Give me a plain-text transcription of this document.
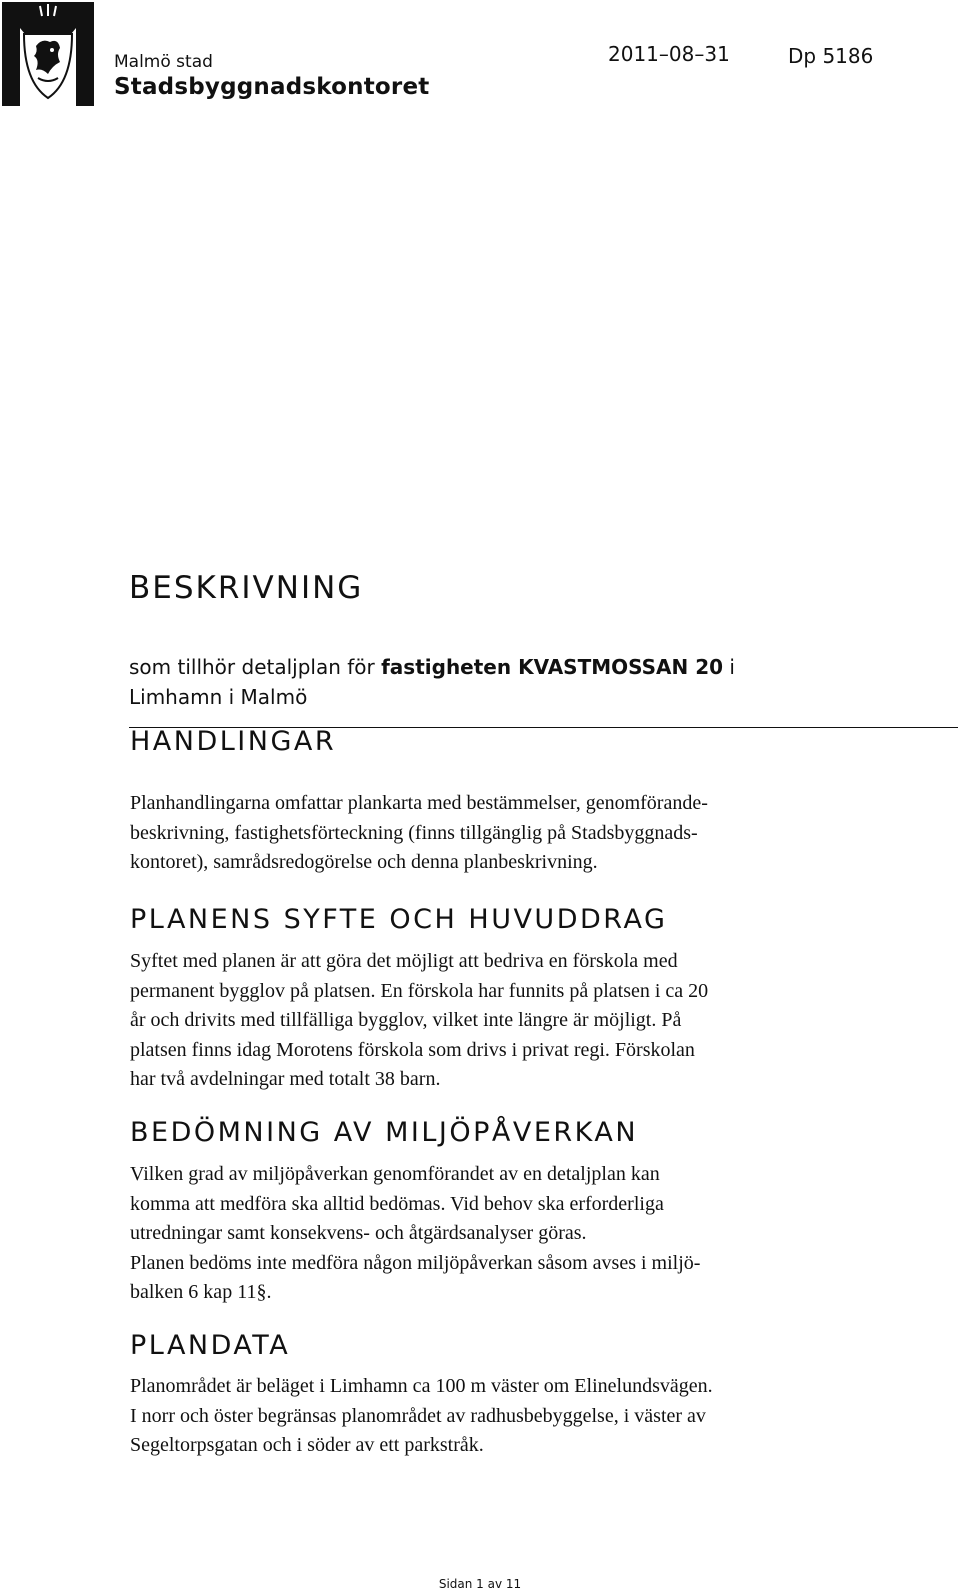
Malmö stad
Stadsbyggnadskontoret
2011–08–31	Dp 5186
BESKRIVNING
som tillhör detaljplan för fastigheten KVASTMOSSAN 20 i
Limhamn i Malmö
HANDLINGAR

Planhandlingarna omfattar plankarta med bestämmelser, genomförande-
beskrivning, fastighetsförteckning (finns tillgänglig på Stadsbyggnads-
kontoret), samrådsredogörelse och denna planbeskrivning.

PLANENS SYFTE OCH HUVUDDRAG

Syftet med planen är att göra det möjligt att bedriva en förskola med
permanent bygglov på platsen. En förskola har funnits på platsen i ca 20
år och drivits med tillfälliga bygglov, vilket inte längre är möjligt. På
platsen finns idag Morotens förskola som drivs i privat regi. Förskolan
har två avdelningar med totalt 38 barn.

BEDÖMNING AV MILJÖPÅVERKAN

Vilken grad av miljöpåverkan genomförandet av en detaljplan kan
komma att medföra ska alltid bedömas. Vid behov ska erforderliga
utredningar samt konsekvens- och åtgärdsanalyser göras.
Planen bedöms inte medföra någon miljöpåverkan såsom avses i miljö-
balken 6 kap 11§.

PLANDATA

Planområdet är beläget i Limhamn ca 100 m väster om Elinelundsvägen.
I norr och öster begränsas planområdet av radhusbebyggelse, i väster av
Segeltorpsgatan och i söder av ett parkstråk.

Sidan 1 av 11
